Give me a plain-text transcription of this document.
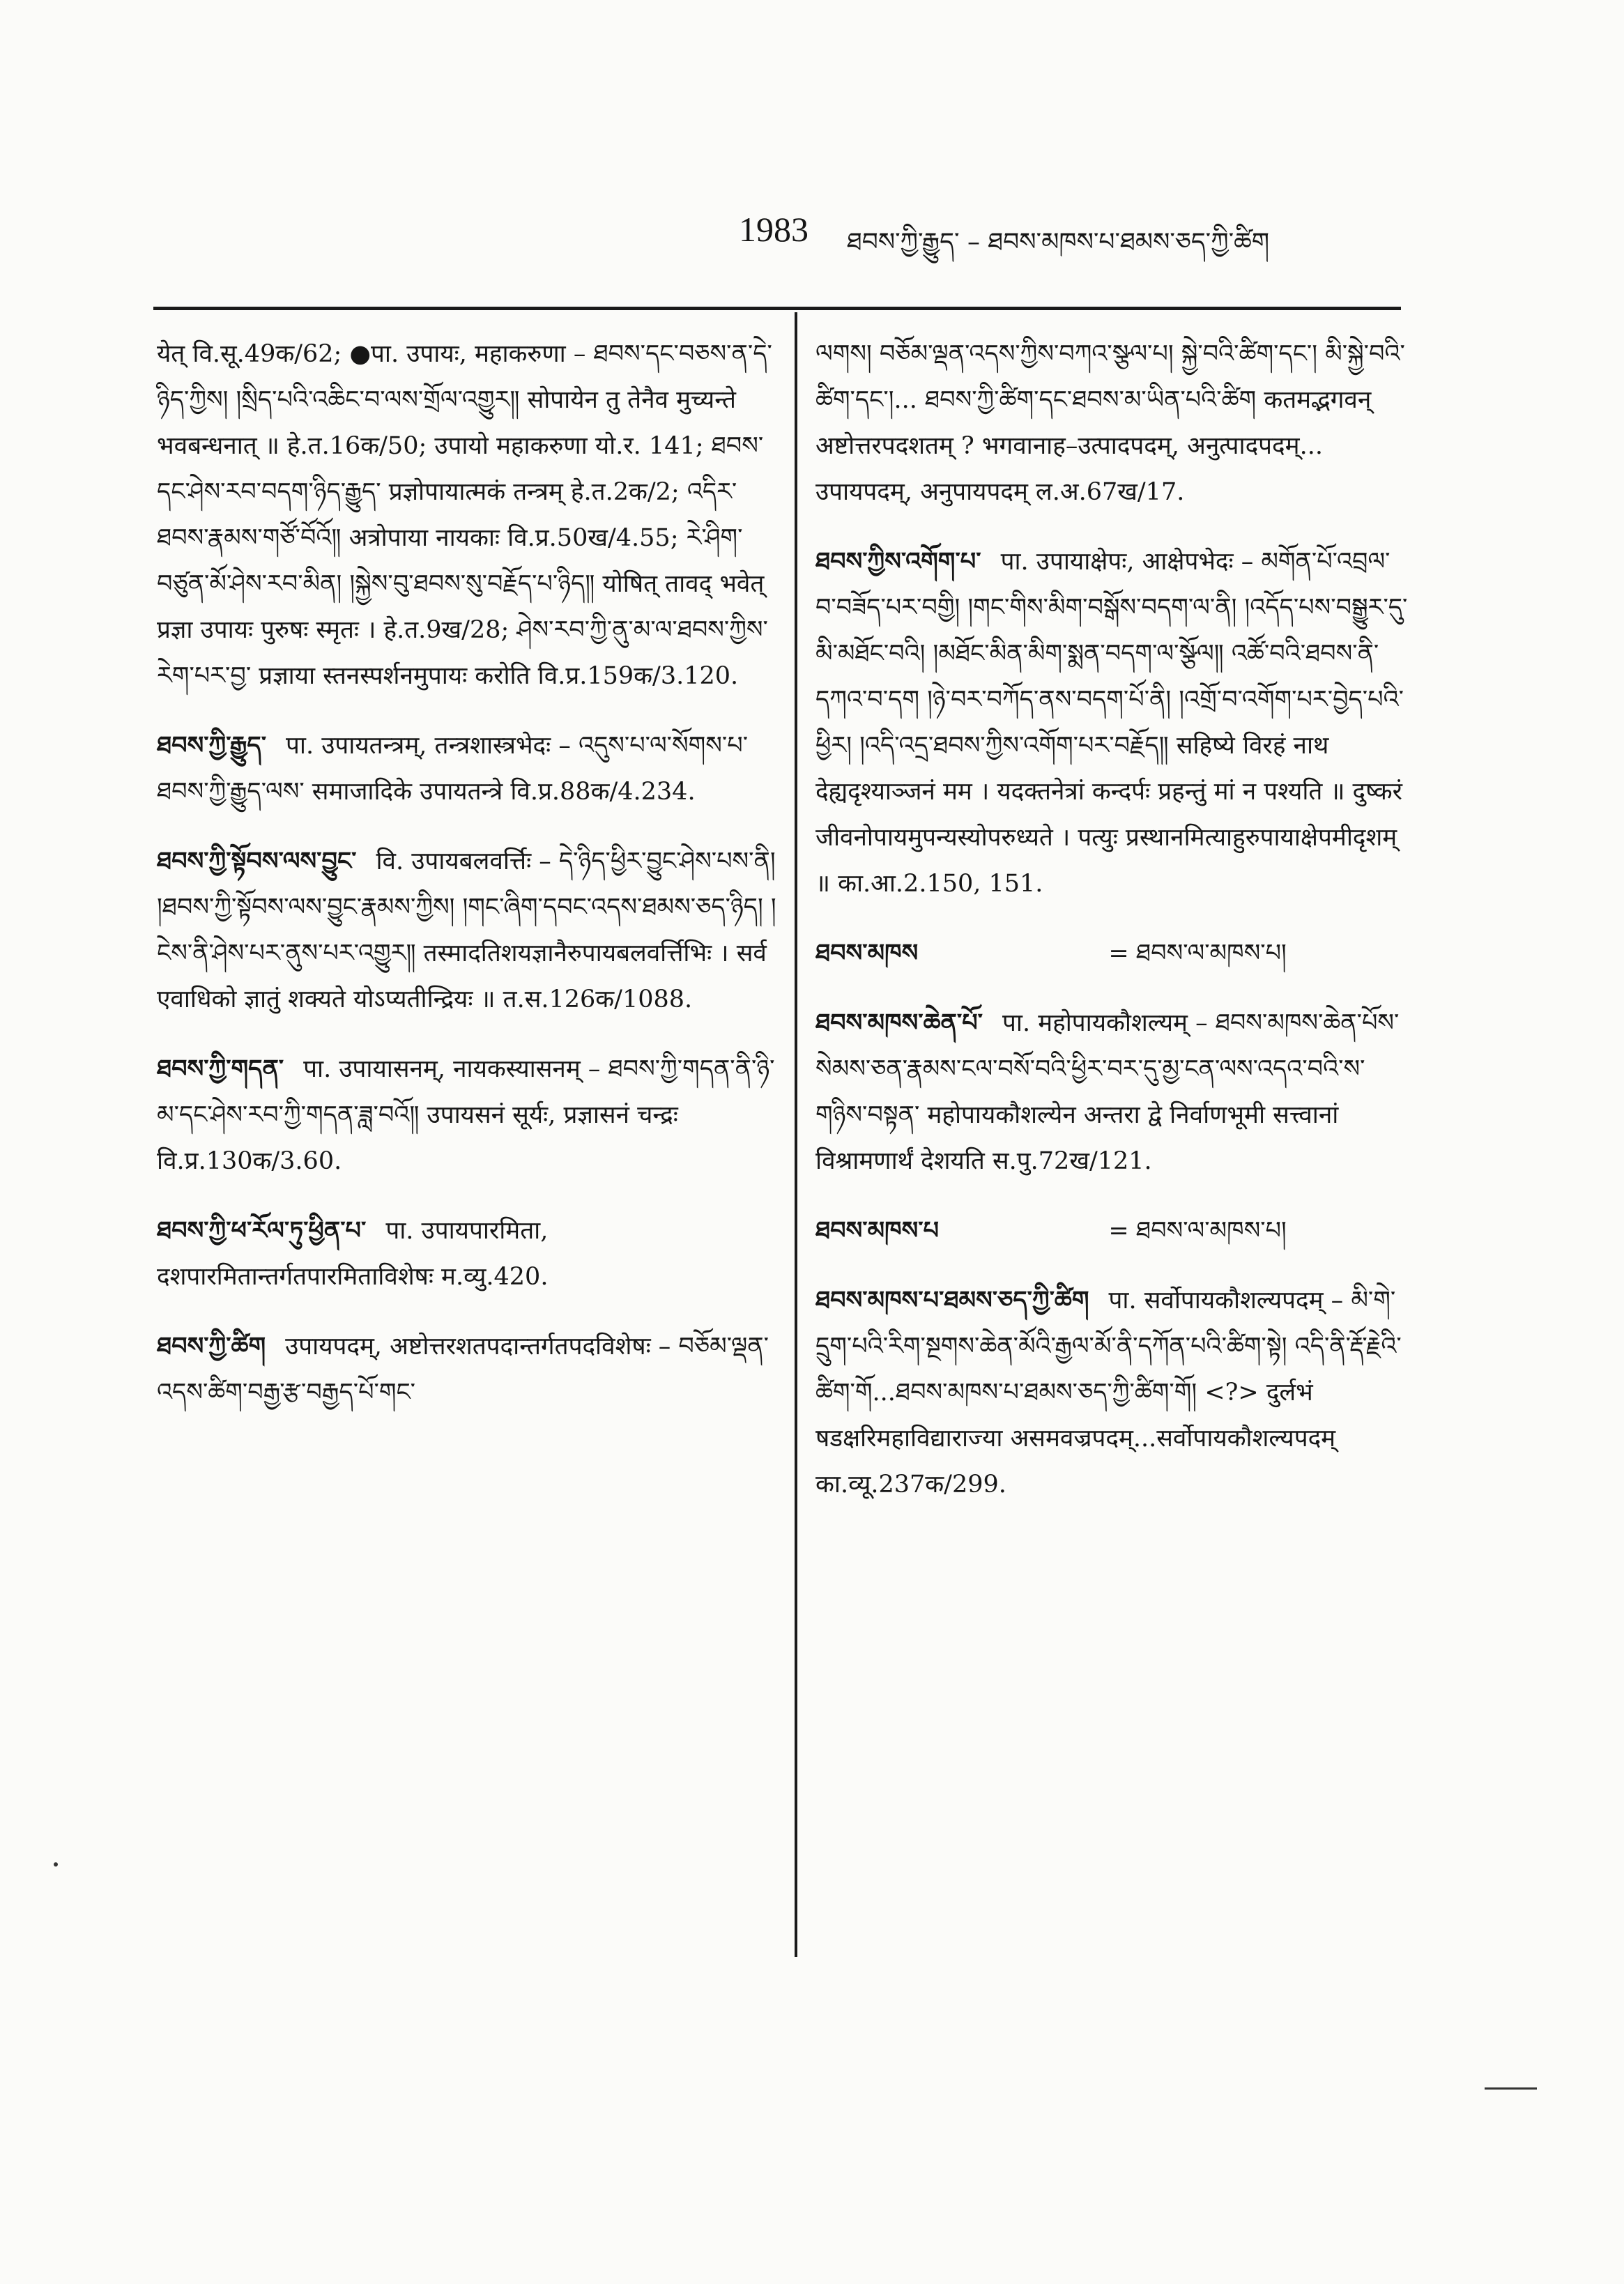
1983 ཐབས་ཀྱི་རྒྱུད་ – ཐབས་མཁས་པ་ཐམས་ཅད་ཀྱི་ཚིག
येत् वि.सू.49क/62; ●पा. उपायः, महाकरुणा – ཐབས་དང་བཅས་ན་དེ་ཉིད་ཀྱིས། །སྲིད་པའི་འཆིང་བ་ལས་གྲོལ་འགྱུར༎ सोपायेन तु तेनैव मुच्यन्ते भवबन्धनात् ॥ हे.त.16क/50; उपायो महाकरुणा यो.र. 141; ཐབས་དང་ཤེས་རབ་བདག་ཉིད་རྒྱུད་ प्रज्ञोपायात्मकं तन्त्रम् हे.त.2क/2; འདིར་ཐབས་རྣམས་གཙོ་བོའོ༎ अत्रोपाया नायकाः वि.प्र.50ख/4.55; རེ་ཤིག་བཙུན་མོ་ཤེས་རབ་མིན། །སྐྱེས་བུ་ཐབས་སུ་བརྗོད་པ་ཉིད༎ योषित् तावद् भवेत् प्रज्ञा उपायः पुरुषः स्मृतः । हे.त.9ख/28; ཤེས་རབ་ཀྱི་ནུ་མ་ལ་ཐབས་ཀྱིས་རེག་པར་བྱ་ प्रज्ञाया स्तनस्पर्शनमुपायः करोति वि.प्र.159क/3.120.
ཐབས་ཀྱི་རྒྱུད་ पा. उपायतन्त्रम्, तन्त्रशास्त्रभेदः – འདུས་པ་ལ་སོགས་པ་ཐབས་ཀྱི་རྒྱུད་ལས་ समाजादिके उपायतन्त्रे वि.प्र.88क/4.234.
ཐབས་ཀྱི་སྟོབས་ལས་བྱུང་ वि. उपायबलवर्त्तिः – དེ་ཉིད་ཕྱིར་བྱུང་ཤེས་པས་ནི། །ཐབས་ཀྱི་སྟོབས་ལས་བྱུང་རྣམས་ཀྱིས། །གང་ཞིག་དབང་འདས་ཐམས་ཅད་ཉིད། །ངེས་ནི་ཤེས་པར་ནུས་པར་འགྱུར༎ तस्मादतिशयज्ञानैरुपायबलवर्त्तिभिः । सर्व एवाधिको ज्ञातुं शक्यते योऽप्यतीन्द्रियः ॥ त.स.126क/1088.
ཐབས་ཀྱི་གདན་ पा. उपायासनम्, नायकस्यासनम् – ཐབས་ཀྱི་གདན་ནི་ཉི་མ་དང་ཤེས་རབ་ཀྱི་གདན་ཟླ་བའོ༎ उपायसनं सूर्यः, प्रज्ञासनं चन्द्रः वि.प्र.130क/3.60.
ཐབས་ཀྱི་ཕ་རོལ་ཏུ་ཕྱིན་པ་ पा. उपायपारमिता, दशपारमितान्तर्गतपारमिताविशेषः म.व्यु.420.
ཐབས་ཀྱི་ཚིག उपायपदम्, अष्टोत्तरशतपदान्तर्गतपदविशेषः – བཅོམ་ལྡན་འདས་ཚིག་བརྒྱ་རྩ་བརྒྱད་པོ་གང་
ལགས། བཅོམ་ལྡན་འདས་ཀྱིས་བཀའ་སྩལ་པ། སྐྱེ་བའི་ཚིག་དང་། མི་སྐྱེ་བའི་ཚིག་དང་།... ཐབས་ཀྱི་ཚིག་དང་ཐབས་མ་ཡིན་པའི་ཚིག कतमद्भगवन् अष्टोत्तरपदशतम् ? भगवानाह–उत्पादपदम्, अनुत्पादपदम्... उपायपदम्, अनुपायपदम् ल.अ.67ख/17.
ཐབས་ཀྱིས་འགོག་པ་ पा. उपायाक्षेपः, आक्षेपभेदः – མགོན་པོ་འབྲལ་བ་བཟོད་པར་བགྱི། །གང་གིས་མིག་བསྒོས་བདག་ལ་ནི། །འདོད་པས་བསྒྱུར་དུ་མི་མཐོང་བའི། །མཐོང་མིན་མིག་སྨན་བདག་ལ་སྩོལ༎ འཚོ་བའི་ཐབས་ནི་དཀའ་བ་དག །ཉེ་བར་བཀོད་ནས་བདག་པོ་ནི། །འགྲོ་བ་འགོག་པར་བྱེད་པའི་ཕྱིར། །འདི་འདྲ་ཐབས་ཀྱིས་འགོག་པར་བརྗོད༎ सहिष्ये विरहं नाथ देह्यदृश्याञ्जनं मम । यदक्तनेत्रां कन्दर्पः प्रहन्तुं मां न पश्यति ॥ दुष्करं जीवनोपायमुपन्यस्योपरुध्यते । पत्युः प्रस्थानमित्याहुरुपायाक्षेपमीदृशम् ॥ का.आ.2.150, 151.
ཐབས་མཁས	= ཐབས་ལ་མཁས་པ།
ཐབས་མཁས་ཆེན་པོ་ पा. महोपायकौशल्यम् – ཐབས་མཁས་ཆེན་པོས་སེམས་ཅན་རྣམས་ངལ་བསོ་བའི་ཕྱིར་བར་དུ་མྱ་ངན་ལས་འདའ་བའི་ས་གཉིས་བསྟན་ महोपायकौशल्येन अन्तरा द्वे निर्वाणभूमी सत्त्वानां विश्रामणार्थं देशयति स.पु.72ख/121.
ཐབས་མཁས་པ	= ཐབས་ལ་མཁས་པ།
ཐབས་མཁས་པ་ཐམས་ཅད་ཀྱི་ཚིག पा. सर्वोपायकौशल्यपदम् – མི་གེ་དྲུག་པའི་རིག་སྔགས་ཆེན་མོའི་རྒྱལ་མོ་ནི་དཀོན་པའི་ཚིག་སྟེ། འདི་ནི་རྡོ་རྗེའི་ཚིག་གོ...ཐབས་མཁས་པ་ཐམས་ཅད་ཀྱི་ཚིག་གོ། <?> दुर्लभं षडक्षरिमहाविद्याराज्या असमवज्रपदम्...सर्वोपायकौशल्यपदम् का.व्यू.237क/299.
